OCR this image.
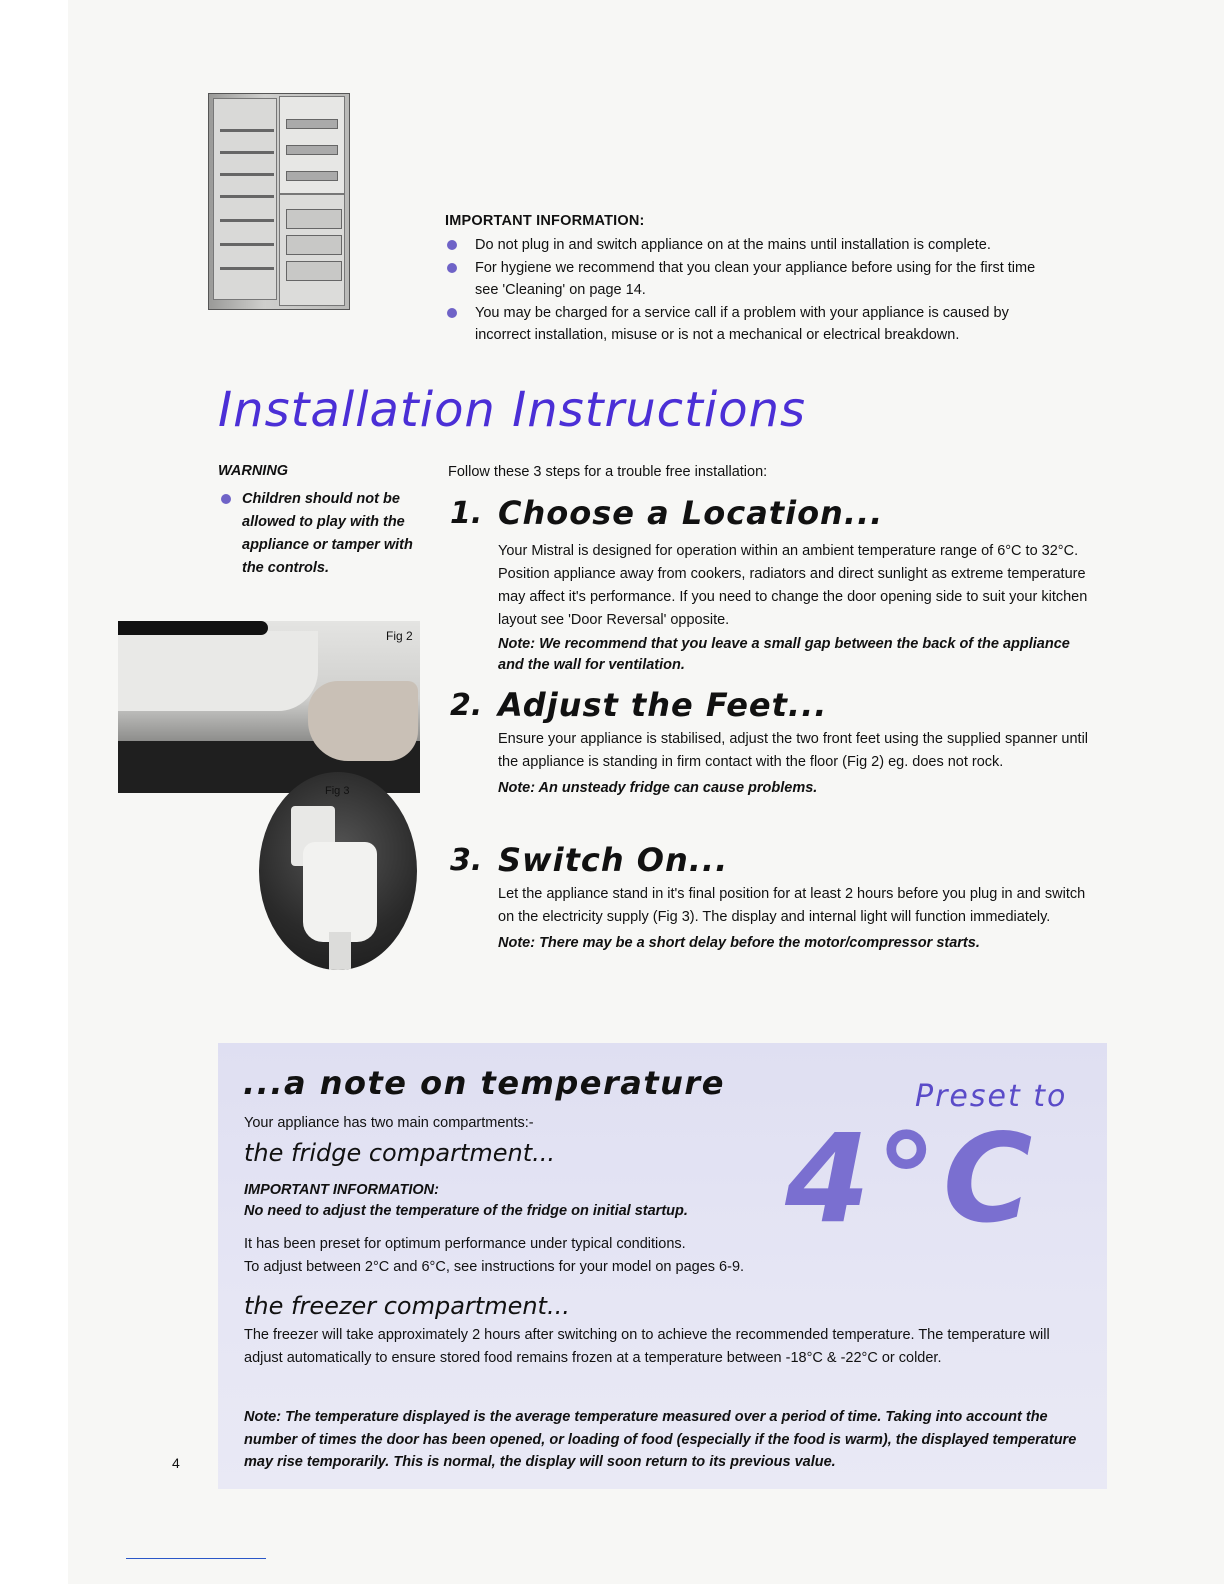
IMPORTANT INFORMATION:
Do not plug in and switch appliance on at the mains until installation is complete.
For hygiene we recommend that you clean your appliance before using for the first time see 'Cleaning' on page 14.
You may be charged for a service call if a problem with your appliance is caused by incorrect installation, misuse or is not a mechanical or electrical breakdown.
Installation Instructions
WARNING
Children should not be allowed to play with the appliance or tamper with the controls.
Follow these 3 steps for a trouble free installation:
1. Choose a Location...
Your Mistral is designed for operation within an ambient temperature range of 6°C to 32°C. Position appliance away from cookers, radiators and direct sunlight as extreme temperature may affect it's performance. If you need to change the door opening side to suit your kitchen layout see 'Door Reversal' opposite.
Note: We recommend that you leave a small gap between the back of the appliance and the wall for ventilation.
2. Adjust the Feet...
Ensure your appliance is stabilised, adjust the two front feet using the supplied spanner until the appliance is standing in firm contact with the floor (Fig 2) eg. does not rock.
Note: An unsteady fridge can cause problems.
3. Switch On...
Let the appliance stand in it's final position for at least 2 hours before you plug in and switch on the electricity supply (Fig 3). The display and internal light will function immediately.
Note: There may be a short delay before the motor/compressor starts.
Fig 2
Fig 3
...a note on temperature
Your appliance has two main compartments:-
the fridge compartment...
IMPORTANT INFORMATION:
No need to adjust the temperature of the fridge on initial startup.
It has been preset for optimum performance under typical conditions.
To adjust between 2°C and 6°C, see instructions for your model on pages 6-9.
the freezer compartment...
The freezer will take approximately 2 hours after switching on to achieve the recommended temperature. The temperature will adjust automatically to ensure stored food remains frozen at a temperature between -18°C & -22°C or colder.
Note: The temperature displayed is the average temperature measured over a period of time. Taking into account the number of times the door has been opened, or loading of food (especially if the food is warm), the displayed temperature may rise temporarily. This is normal, the display will soon return to its previous value.
Preset to
4°C
4
